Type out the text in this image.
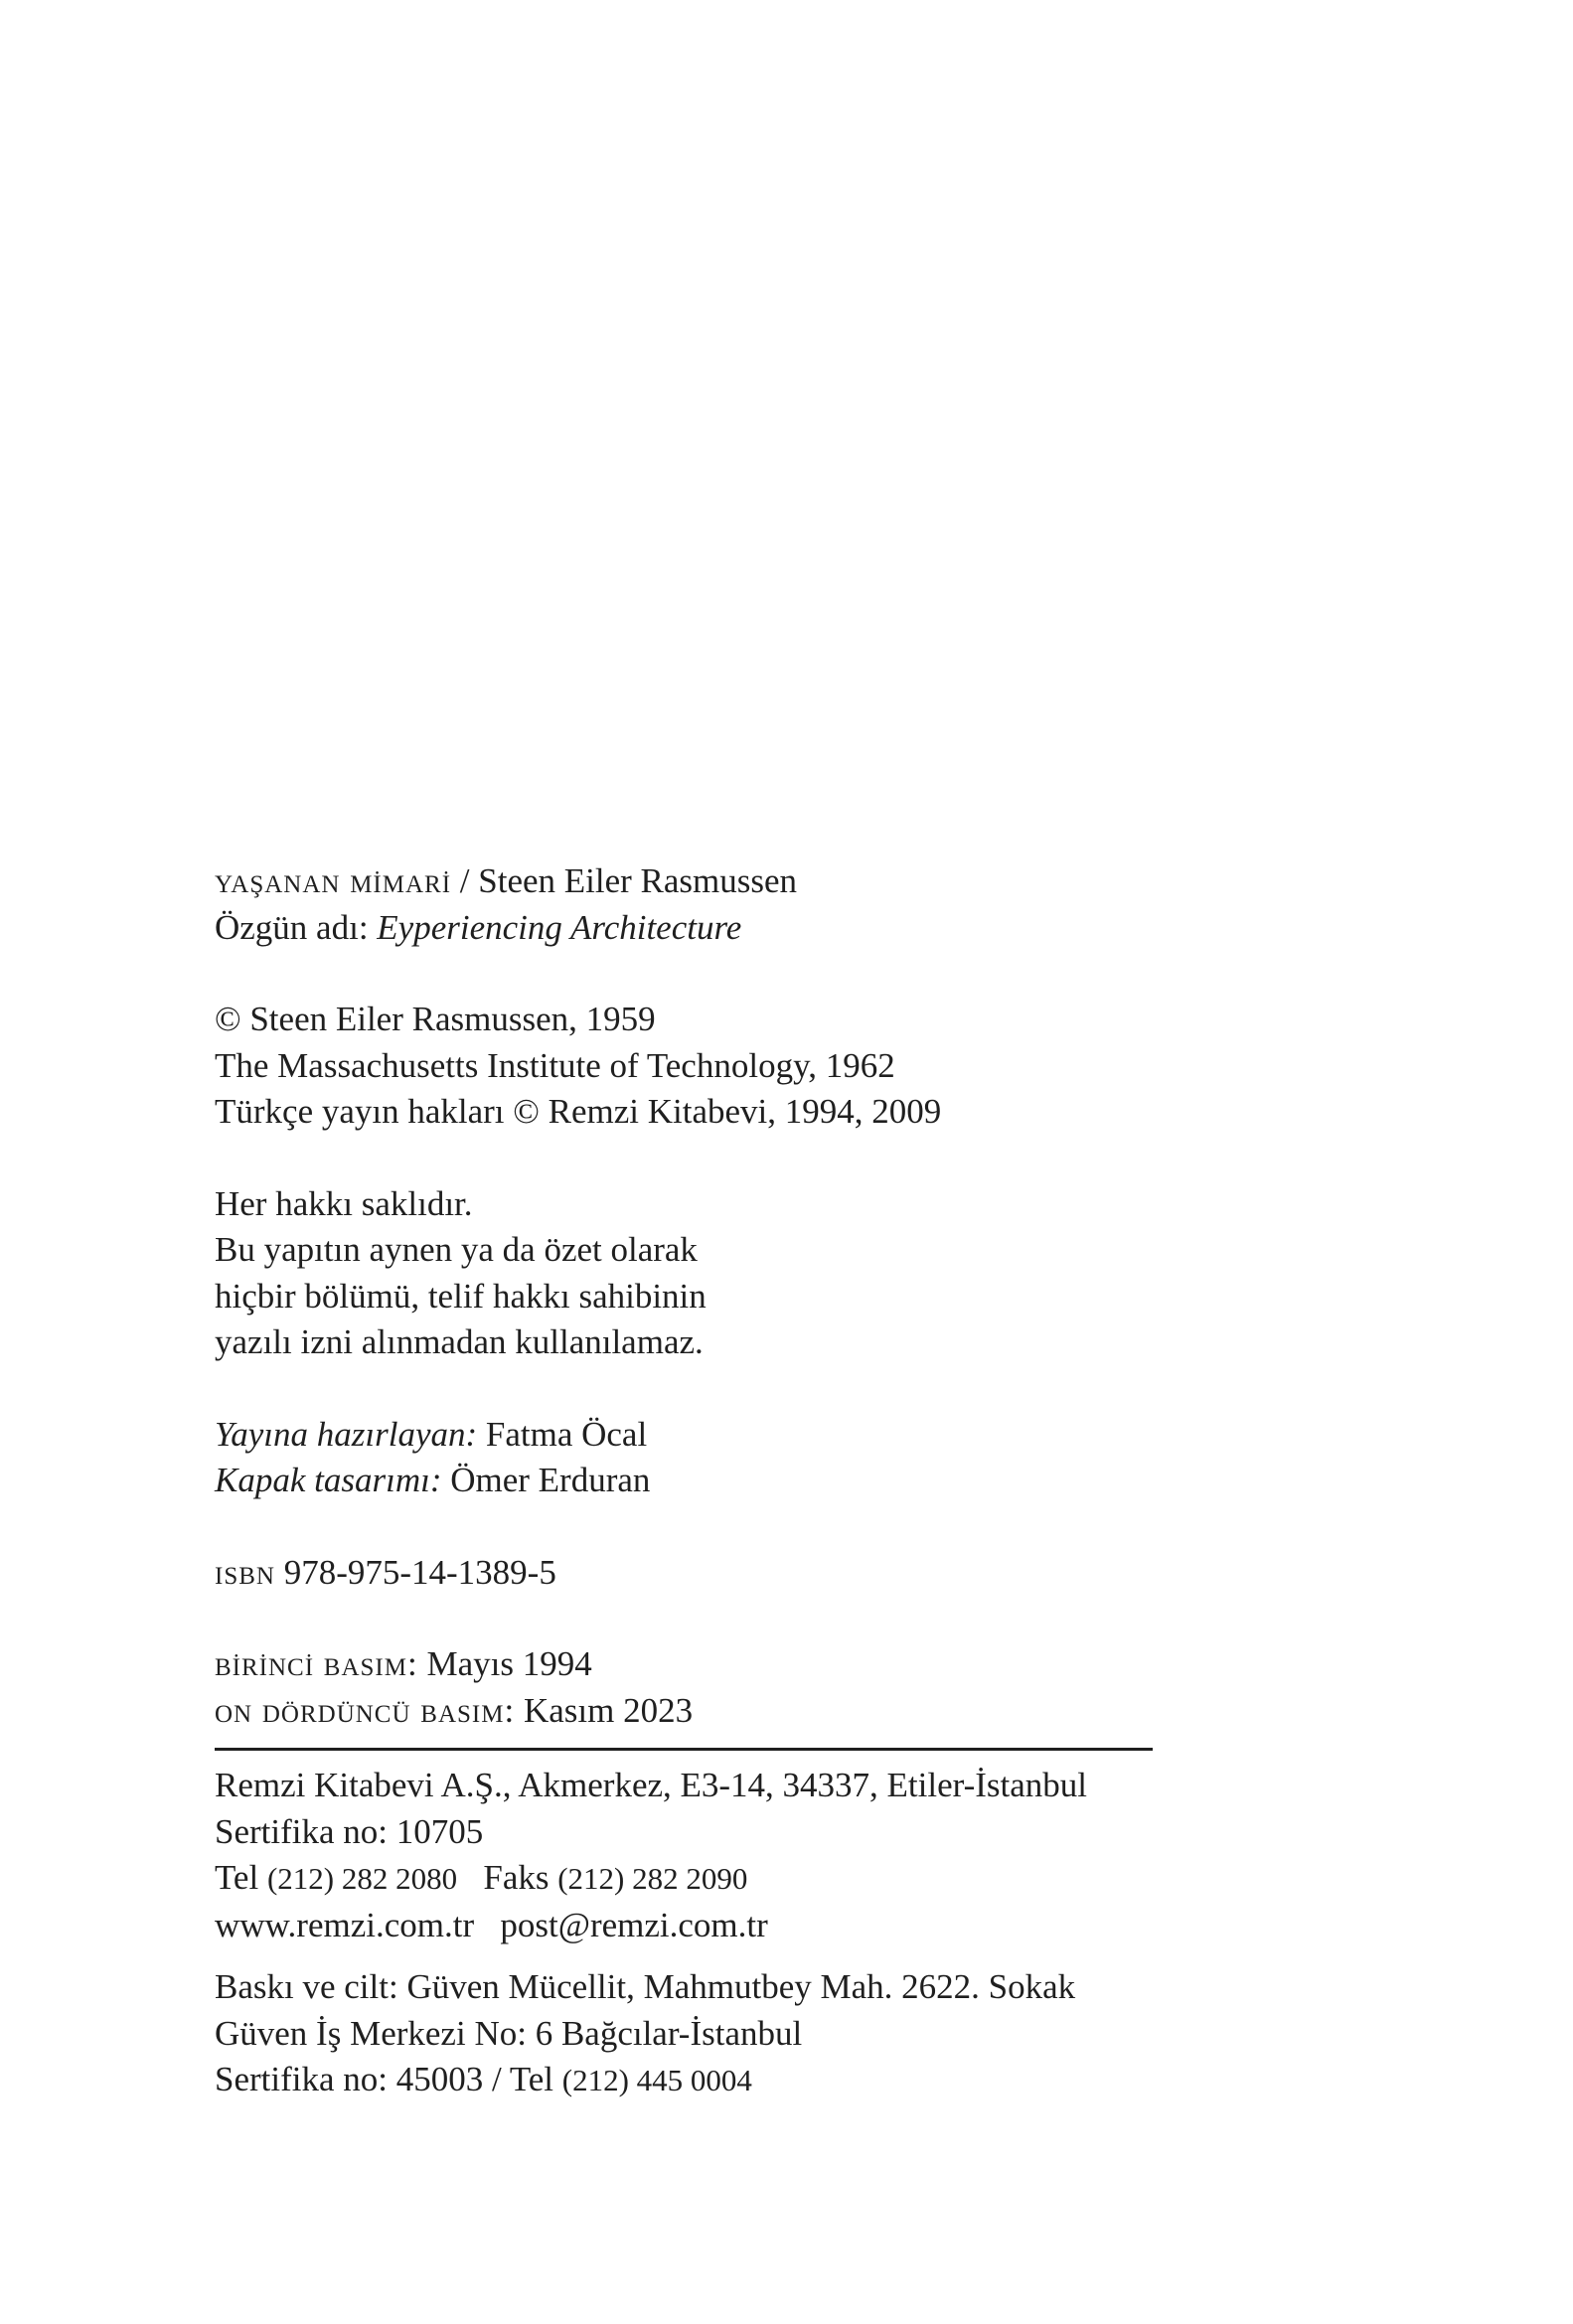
yaşanan mi̇mari̇ / Steen Eiler Rasmussen
Özgün adı: Eyperiencing Architecture
© Steen Eiler Rasmussen, 1959
The Massachusetts Institute of Technology, 1962
Türkçe yayın hakları © Remzi Kitabevi, 1994, 2009
Her hakkı saklıdır.
Bu yapıtın aynen ya da özet olarak
hiçbir bölümü, telif hakkı sahibinin
yazılı izni alınmadan kullanılamaz.
Yayına hazırlayan: Fatma Öcal
Kapak tasarımı: Ömer Erduran
isbn 978-975-14-1389-5
bi̇ri̇nci̇ basim: Mayıs 1994
on dördüncü basim: Kasım 2023
Remzi Kitabevi A.Ş., Akmerkez, E3-14, 34337, Etiler-İstanbul
Sertifika no: 10705
Tel (212) 282 2080 Faks (212) 282 2090
www.remzi.com.tr post@remzi.com.tr
Baskı ve cilt: Güven Mücellit, Mahmutbey Mah. 2622. Sokak
Güven İş Merkezi No: 6 Bağcılar-İstanbul
Sertifika no: 45003 / Tel (212) 445 0004
